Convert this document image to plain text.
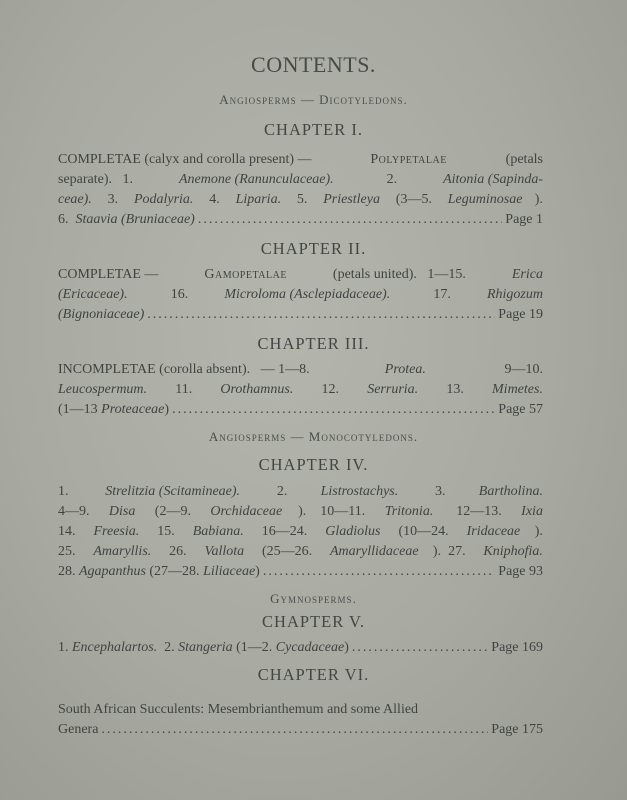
CONTENTS.
Angiosperms — Dicotyledons.
CHAPTER I.
COMPLETAE (calyx and corolla present) —	Polypetalae	(petals
separate).   1.	Anemone (Ranunculaceae).	2.	Aitonia (Sapinda-
ceae). 3. Podalyria. 4. Liparia. 5. Priestleya (3—5. Leguminosae ).
6. Staavia (Bruniaceae) .....	Page 1
CHAPTER II.
COMPLETAE —	Gamopetalae	(petals united).   1—15.	Erica
(Ericaceae). 16. Microloma (Asclepiadaceae). 17. Rhigozum
(Bignoniaceae) .....	Page 19
CHAPTER III.
INCOMPLETAE (corolla absent).   — 1—8.	Protea.	9—10.
Leucospermum. 11. Orothamnus. 12. Serruria. 13. Mimetes.
(1—13 Proteaceae ) .....	Page 57
Angiosperms — Monocotyledons.
CHAPTER IV.
1. Strelitzia (Scitamineae). 2. Listrostachys. 3. Bartholina.
4—9. Disa (2—9. Orchidaceae ).    10—11. Tritonia. 12—13. Ixia
14. Freesia. 15. Babiana. 16—24. Gladiolus (10—24. Iridaceae ).
25. Amaryllis. 26. Vallota (25—26. Amaryllidaceae ).  27. Kniphofia.
28. Agapanthus (27—28. Liliaceae ) .....	Page 93
Gymnosperms.
CHAPTER V.
1. Encephalartos. 2. Stangeria (1—2. Cycadaceae ) .....	Page 169
CHAPTER VI.
South African Succulents: Mesembrianthemum and some Allied
Genera .....	Page 175
